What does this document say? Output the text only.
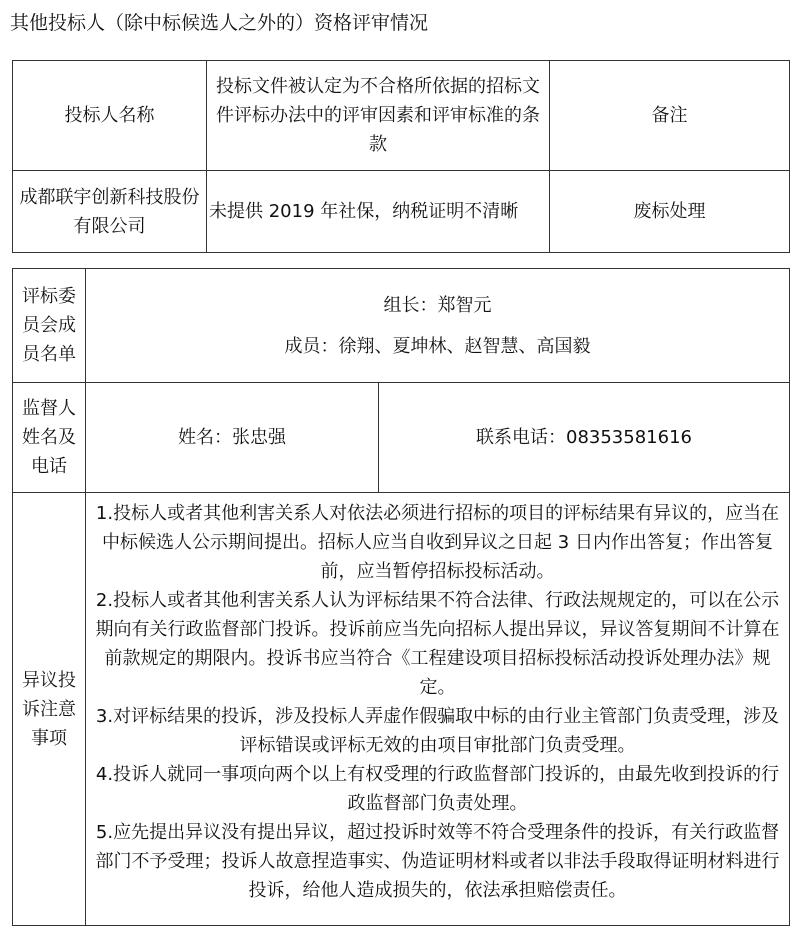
其他投标人（除中标候选人之外的）资格评审情况
投标人名称	投标文件被认定为不合格所依据的招标文件评标办法中的评审因素和评审标准的条款	备注
成都联宇创新科技股份有限公司	未提供 2019 年社保，纳税证明不清晰	废标处理
评标委员会成员名单	组长：郑智元

成员：徐翔、夏坤林、赵智慧、高国毅	

监督人姓名及电话	姓名：张忠强	联系电话：08353581616
异议投诉注意事项	1.投标人或者其他利害关系人对依法必须进行招标的项目的评标结果有异议的，应当在中标候选人公示期间提出。招标人应当自收到异议之日起 3 日内作出答复；作出答复前，应当暂停招标投标活动。

2.投标人或者其他利害关系人认为评标结果不符合法律、行政法规规定的，可以在公示期向有关行政监督部门投诉。投诉前应当先向招标人提出异议，异议答复期间不计算在前款规定的期限内。投诉书应当符合《工程建设项目招标投标活动投诉处理办法》规定。

3.对评标结果的投诉，涉及投标人弄虚作假骗取中标的由行业主管部门负责受理，涉及评标错误或评标无效的由项目审批部门负责受理。

4.投诉人就同一事项向两个以上有权受理的行政监督部门投诉的，由最先收到投诉的行政监督部门负责处理。

5.应先提出异议没有提出异议，超过投诉时效等不符合受理条件的投诉，有关行政监督部门不予受理；投诉人故意捏造事实、伪造证明材料或者以非法手段取得证明材料进行投诉，给他人造成损失的，依法承担赔偿责任。	
